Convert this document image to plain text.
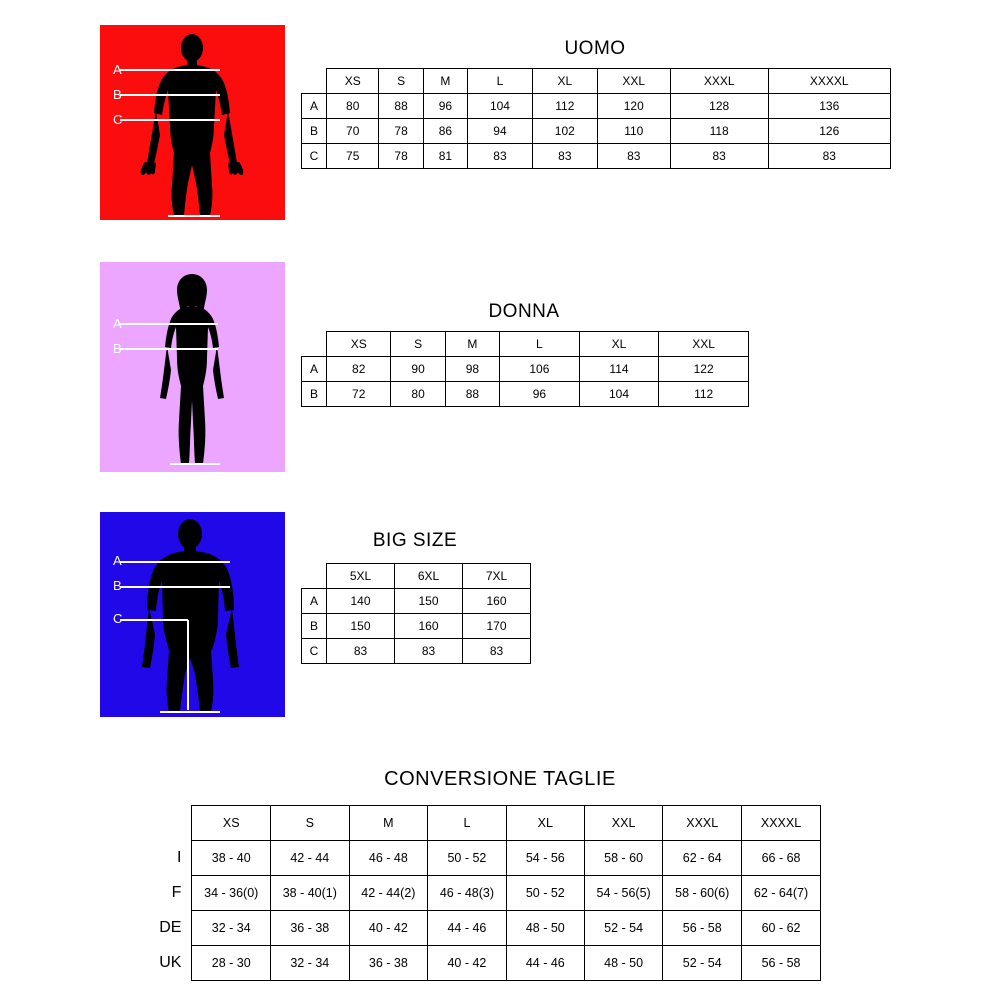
A
B
C
UOMO
	XS	S	M	L	XL	XXL	XXXL	XXXXL
A	80	88	96	104	112	120	128	136
B	70	78	86	94	102	110	118	126
C	75	78	81	83	83	83	83	83
A
B
DONNA
	XS	S	M	L	XL	XXL
A	82	90	98	106	114	122
B	72	80	88	96	104	112
A
B
C
BIG SIZE
	5XL	6XL	7XL
A	140	150	160
B	150	160	170
C	83	83	83
CONVERSIONE TAGLIE
	XS	S	M	L	XL	XXL	XXXL	XXXXL
I	38 - 40	42 - 44	46 - 48	50 - 52	54 - 56	58 - 60	62 - 64	66 - 68
F	34 - 36(0)	38 - 40(1)	42 - 44(2)	46 - 48(3)	50 - 52	54 - 56(5)	58 - 60(6)	62 - 64(7)
DE	32 - 34	36 - 38	40 - 42	44 - 46	48 - 50	52 - 54	56 - 58	60 - 62
UK	28 - 30	32 - 34	36 - 38	40 - 42	44 - 46	48 - 50	52 - 54	56 - 58
